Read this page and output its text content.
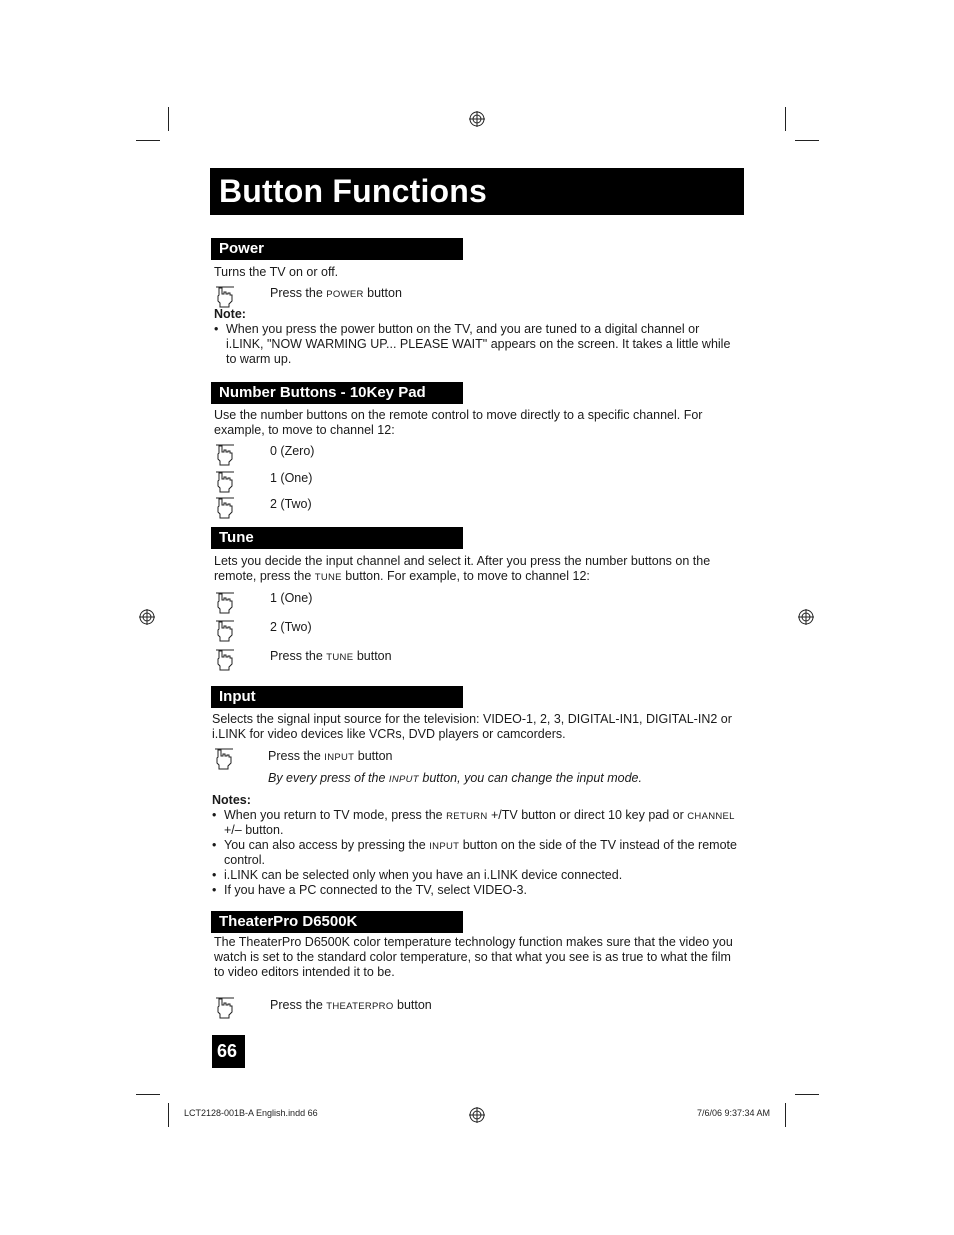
Button Functions
Power
Turns the TV on or off.
Press the POWER button
Note:
• When you press the power button on the TV, and you are tuned to a digital channel or
i.LINK, "NOW WARMING UP... PLEASE WAIT" appears on the screen. It takes a little while
to warm up.
Number Buttons - 10Key Pad
Use the number buttons on the remote control to move directly to a specific channel. For
example, to move to channel 12:
0 (Zero)
1 (One)
2 (Two)
Tune
Lets you decide the input channel and select it. After you press the number buttons on the
remote, press the TUNE button. For example, to move to channel 12:
1 (One)
2 (Two)
Press the TUNE button
Input
Selects the signal input source for the television: VIDEO-1, 2, 3, DIGITAL-IN1, DIGITAL-IN2 or
i.LINK for video devices like VCRs, DVD players or camcorders.
Press the INPUT button
By every press of the INPUT button, you can change the input mode.
Notes:
• When you return to TV mode, press the RETURN +/TV button or direct 10 key pad or CHANNEL
+/– button.
• You can also access by pressing the INPUT button on the side of the TV instead of the remote
control.
• i.LINK can be selected only when you have an i.LINK device connected.
• If you have a PC connected to the TV, select VIDEO-3.
TheaterPro D6500K
The TheaterPro D6500K color temperature technology function makes sure that the video you
watch is set to the standard color temperature, so that what you see is as true to what the film
to video editors intended it to be.
Press the THEATERPRO button
66
LCT2128-001B-A English.indd 66	7/6/06 9:37:34 AM
